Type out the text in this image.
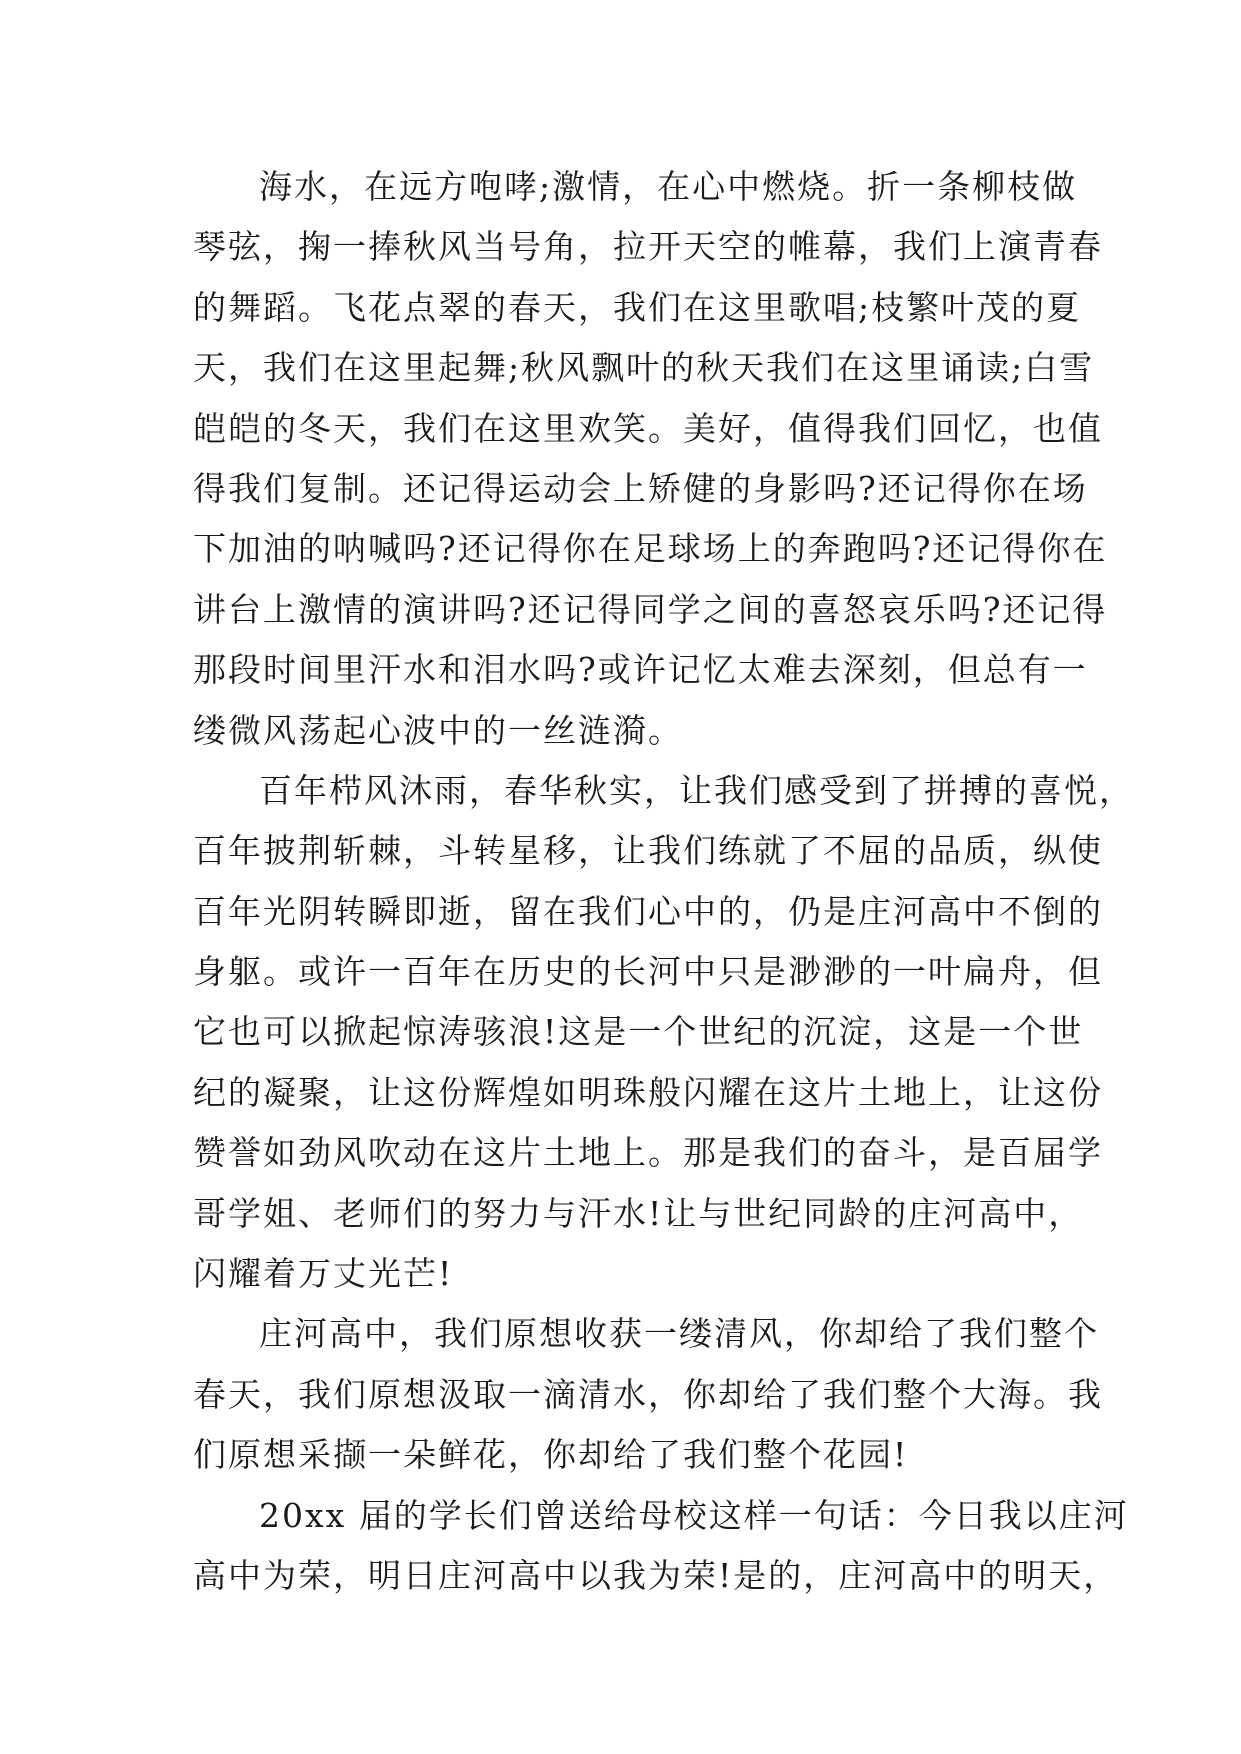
海水，在远方咆哮;激情，在心中燃烧。折一条柳枝做
琴弦，掬一捧秋风当号角，拉开天空的帷幕，我们上演青春
的舞蹈。飞花点翠的春天，我们在这里歌唱;枝繁叶茂的夏
天，我们在这里起舞;秋风飘叶的秋天我们在这里诵读;白雪
皑皑的冬天，我们在这里欢笑。美好，值得我们回忆，也值
得我们复制。还记得运动会上矫健的身影吗?还记得你在场
下加油的呐喊吗?还记得你在足球场上的奔跑吗?还记得你在
讲台上激情的演讲吗?还记得同学之间的喜怒哀乐吗?还记得
那段时间里汗水和泪水吗?或许记忆太难去深刻，但总有一
缕微风荡起心波中的一丝涟漪。
百年栉风沐雨，春华秋实，让我们感受到了拼搏的喜悦，
百年披荆斩棘，斗转星移，让我们练就了不屈的品质，纵使
百年光阴转瞬即逝，留在我们心中的，仍是庄河高中不倒的
身躯。或许一百年在历史的长河中只是渺渺的一叶扁舟，但
它也可以掀起惊涛骇浪!这是一个世纪的沉淀，这是一个世
纪的凝聚，让这份辉煌如明珠般闪耀在这片土地上，让这份
赞誉如劲风吹动在这片土地上。那是我们的奋斗，是百届学
哥学姐、老师们的努力与汗水!让与世纪同龄的庄河高中，
闪耀着万丈光芒!
庄河高中，我们原想收获一缕清风，你却给了我们整个
春天，我们原想汲取一滴清水，你却给了我们整个大海。我
们原想采撷一朵鲜花，你却给了我们整个花园!
20xx 届的学长们曾送给母校这样一句话：今日我以庄河
高中为荣，明日庄河高中以我为荣!是的，庄河高中的明天，
